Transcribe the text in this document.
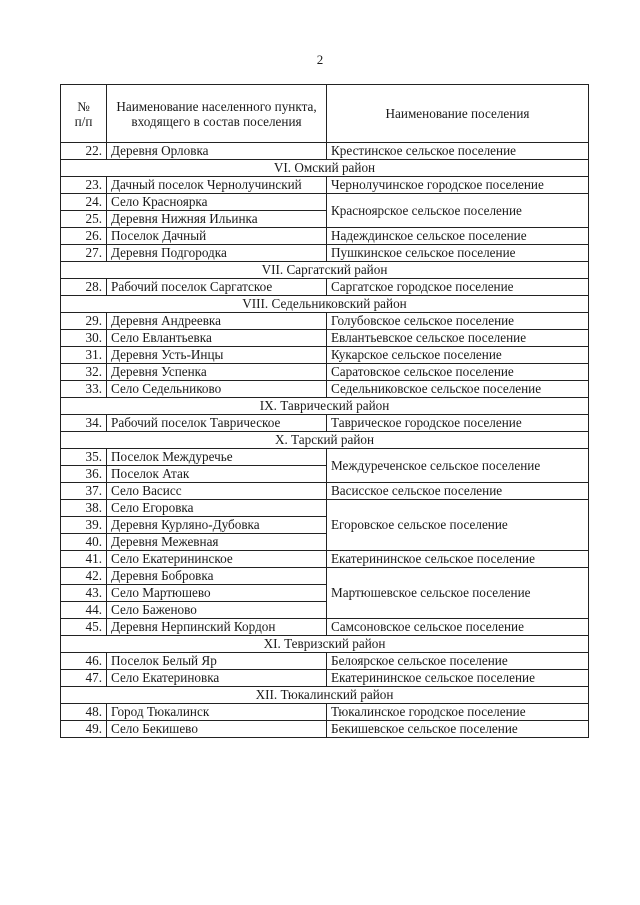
2
№
п/п	Наименование населенного пункта, входящего в состав поселения	Наименование поселения
22.	Деревня Орловка	Крестинское сельское поселение
VI. Омский район		
23.	Дачный поселок Чернолучинский	Чернолучинское городское поселение
24.	Село Красноярка	Красноярское сельское поселение
25.	Деревня Нижняя Ильинка	
26.	Поселок Дачный	Надеждинское сельское поселение
27.	Деревня Подгородка	Пушкинское сельское поселение
VII. Саргатский район		
28.	Рабочий поселок Саргатское	Саргатское городское поселение
VIII. Седельниковский район		
29.	Деревня Андреевка	Голубовское сельское поселение
30.	Село Евлантьевка	Евлантьевское сельское поселение
31.	Деревня Усть-Инцы	Кукарское сельское поселение
32.	Деревня Успенка	Саратовское сельское поселение
33.	Село Седельниково	Седельниковское сельское поселение
IX. Таврический район		
34.	Рабочий поселок Таврическое	Таврическое городское поселение
X. Тарский район		
35.	Поселок Междуречье	Междуреченское сельское поселение
36.	Поселок Атак	
37.	Село Васисс	Васисское сельское поселение
38.	Село Егоровка	Егоровское сельское поселение
39.	Деревня Курляно-Дубовка	
40.	Деревня Межевная	
41.	Село Екатерининское	Екатерининское сельское поселение
42.	Деревня Бобровка	Мартюшевское сельское поселение
43.	Село Мартюшево	
44.	Село Баженово	
45.	Деревня Нерпинский Кордон	Самсоновское сельское поселение
XI. Тевризский район		
46.	Поселок Белый Яр	Белоярское сельское поселение
47.	Село Екатериновка	Екатерининское сельское поселение
XII. Тюкалинский район		
48.	Город Тюкалинск	Тюкалинское городское поселение
49.	Село Бекишево	Бекишевское сельское поселение
